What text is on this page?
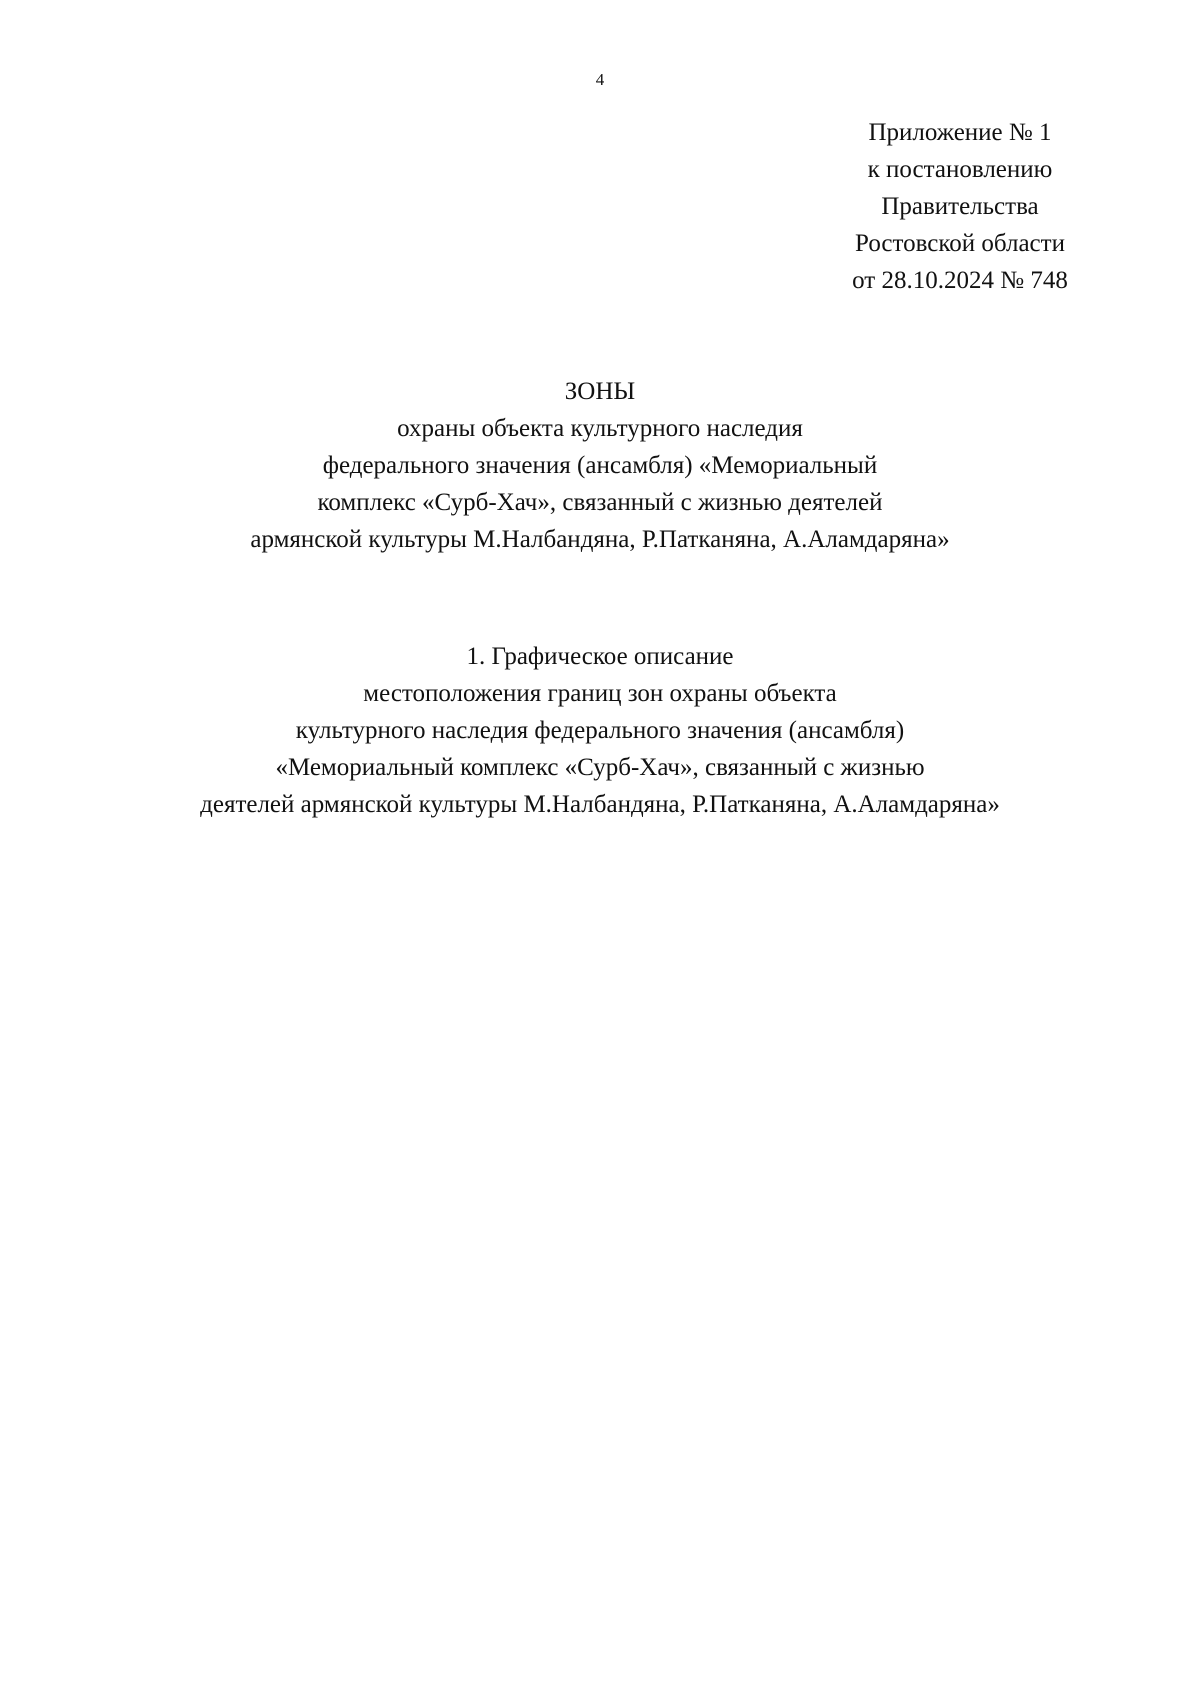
4
Приложение № 1
к постановлению
Правительства
Ростовской области
от 28.10.2024 № 748
ЗОНЫ
охраны объекта культурного наследия
федерального значения (ансамбля) «Мемориальный
комплекс «Сурб-Хач», связанный с жизнью деятелей
армянской культуры М.Налбандяна, Р.Патканяна, А.Аламдаряна»
1. Графическое описание
местоположения границ зон охраны объекта
культурного наследия федерального значения (ансамбля)
«Мемориальный комплекс «Сурб-Хач», связанный с жизнью
деятелей армянской культуры М.Налбандяна, Р.Патканяна, А.Аламдаряна»
